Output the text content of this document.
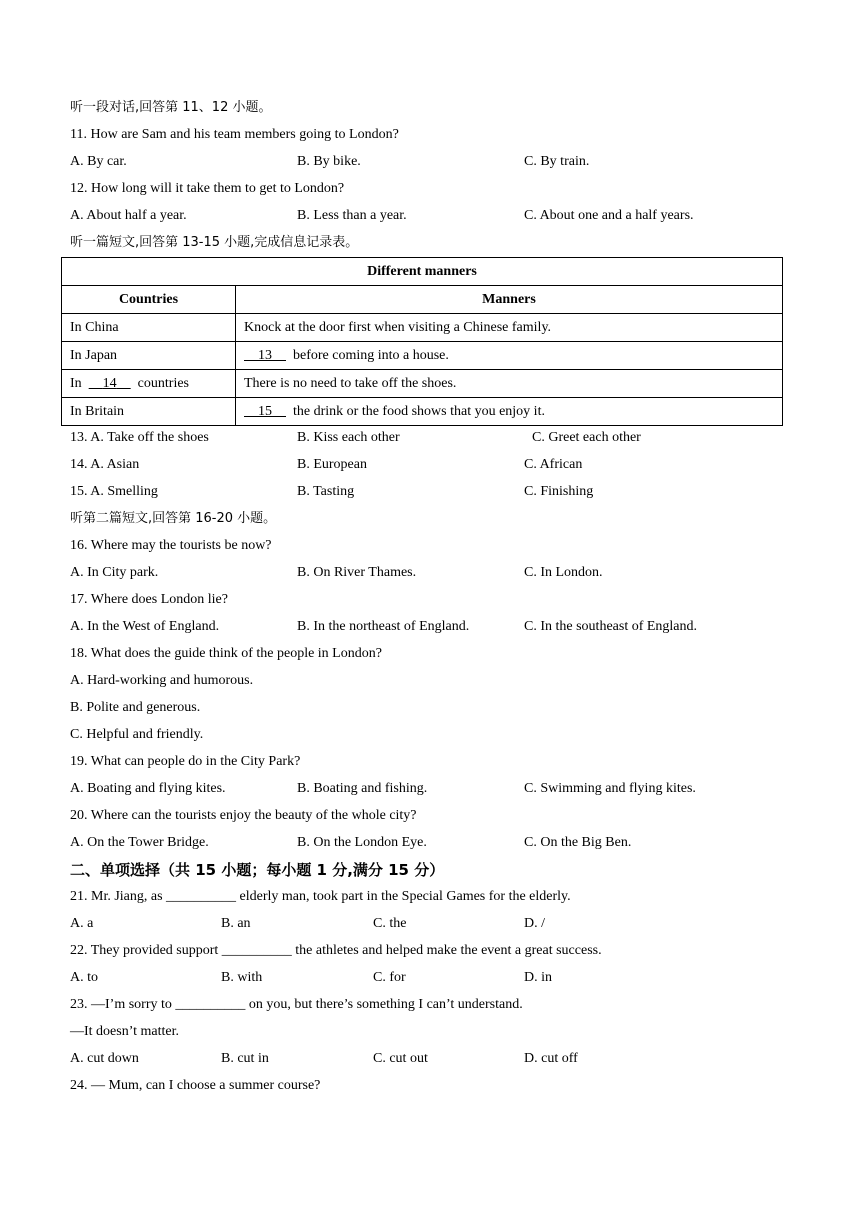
听一段对话,回答第 11、12 小题。
11. How are Sam and his team members going to London?
A. By car.	B. By bike.	C. By train.
12. How long will it take them to get to London?
A. About half a year.	B. Less than a year.	C. About one and a half years.
听一篇短文,回答第 13-15 小题,完成信息记录表。
Different manners	
Countries	Manners
In China	Knock at the door first when visiting a Chinese family.
In Japan	13 before coming into a house.
In 14 countries	There is no need to take off the shoes.
In Britain	15 the drink or the food shows that you enjoy it.
13. A. Take off the shoes	B. Kiss each other	C. Greet each other
14. A. Asian	B. European	C. African
15. A. Smelling	B. Tasting	C. Finishing
听第二篇短文,回答第 16-20 小题。
16. Where may the tourists be now?
A. In City park.	B. On River Thames.	C. In London.
17. Where does London lie?
A. In the West of England.	B. In the northeast of England.	C. In the southeast of England.
18. What does the guide think of the people in London?
A. Hard-working and humorous.
B. Polite and generous.
C. Helpful and friendly.
19. What can people do in the City Park?
A. Boating and flying kites.	B. Boating and fishing.	C. Swimming and flying kites.
20. Where can the tourists enjoy the beauty of the whole city?
A. On the Tower Bridge.	B. On the London Eye.	C. On the Big Ben.
二、单项选择（共 15 小题；每小题 1 分,满分 15 分）
21. Mr. Jiang, as __________ elderly man, took part in the Special Games for the elderly.
A. a	B. an	C. the	D. /
22. They provided support __________ the athletes and helped make the event a great success.
A. to	B. with	C. for	D. in
23. —I’m sorry to __________ on you, but there’s something I can’t understand.
—It doesn’t matter.
A. cut down	B. cut in	C. cut out	D. cut off
24. — Mum, can I choose a summer course?
